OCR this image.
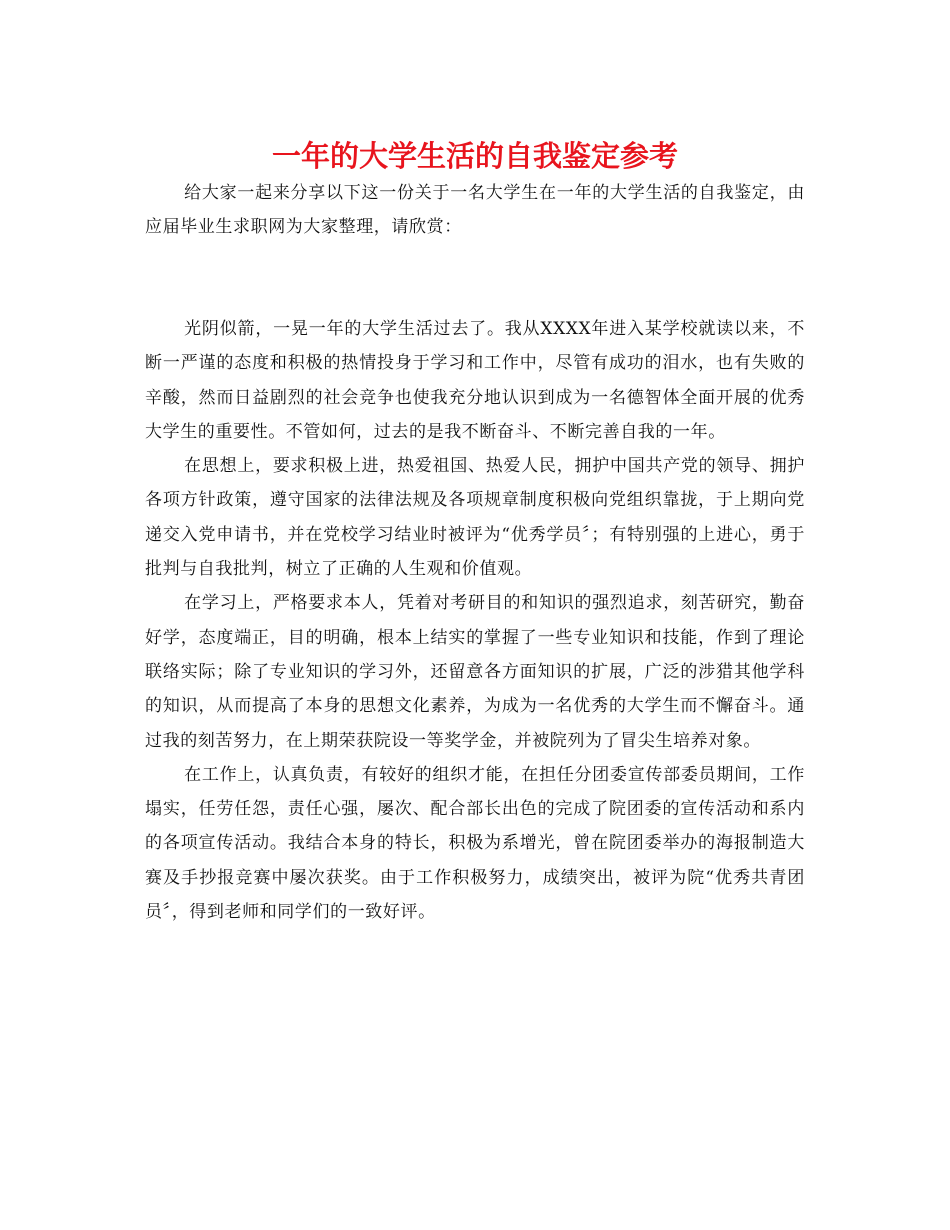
一年的大学生活的自我鉴定参考

给大家一起来分享以下这一份关于一名大学生在一年的大学生活的自我鉴定，由应届毕业生求职网为大家整理，请欣赏：

光阴似箭，一晃一年的大学生活过去了。我从XXXX年进入某学校就读以来，不断一严谨的态度和积极的热情投身于学习和工作中，尽管有成功的泪水，也有失败的辛酸，然而日益剧烈的社会竞争也使我充分地认识到成为一名德智体全面开展的优秀大学生的重要性。不管如何，过去的是我不断奋斗、不断完善自我的一年。

在思想上，要求积极上进，热爱祖国、热爱人民，拥护中国共产党的领导、拥护各项方针政策，遵守国家的法律法规及各项规章制度积极向党组织靠拢，于上期向党递交入党申请书，并在党校学习结业时被评为“优秀学员〞；有特别强的上进心，勇于批判与自我批判，树立了正确的人生观和价值观。

在学习上，严格要求本人，凭着对考研目的和知识的强烈追求，刻苦研究，勤奋好学，态度端正，目的明确，根本上结实的掌握了一些专业知识和技能，作到了理论联络实际；除了专业知识的学习外，还留意各方面知识的扩展，广泛的涉猎其他学科的知识，从而提高了本身的思想文化素养，为成为一名优秀的大学生而不懈奋斗。通过我的刻苦努力，在上期荣获院设一等奖学金，并被院列为了冒尖生培养对象。

在工作上，认真负责，有较好的组织才能，在担任分团委宣传部委员期间，工作塌实，任劳任怨，责任心强，屡次、配合部长出色的完成了院团委的宣传活动和系内的各项宣传活动。我结合本身的特长，积极为系增光，曾在院团委举办的海报制造大赛及手抄报竞赛中屡次获奖。由于工作积极努力，成绩突出，被评为院“优秀共青团员〞，得到老师和同学们的一致好评。
